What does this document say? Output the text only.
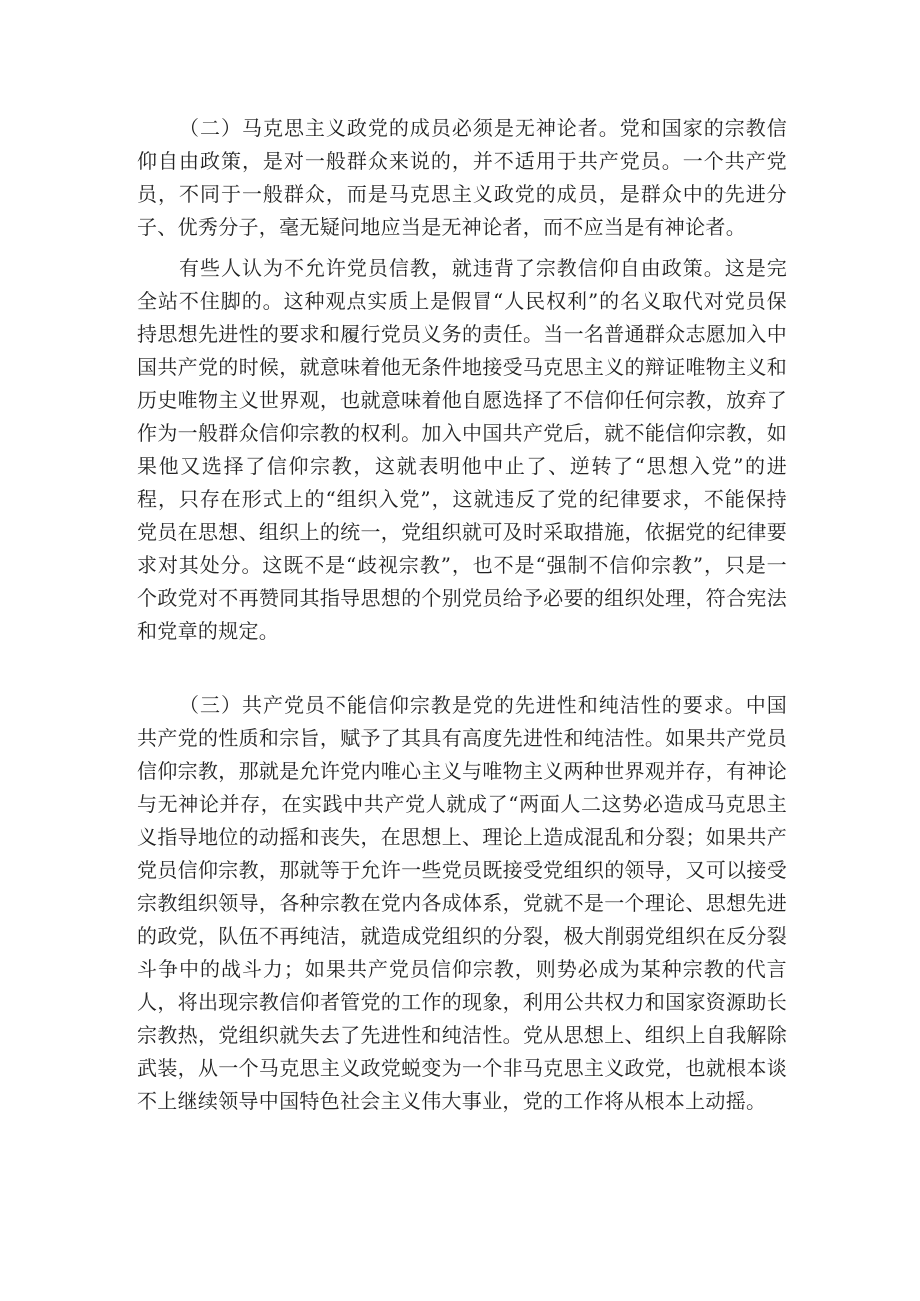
（二）马克思主义政党的成员必须是无神论者。党和国家的宗教信仰自由政策，是对一般群众来说的，并不适用于共产党员。一个共产党员，不同于一般群众，而是马克思主义政党的成员，是群众中的先进分子、优秀分子，毫无疑问地应当是无神论者，而不应当是有神论者。

有些人认为不允许党员信教，就违背了宗教信仰自由政策。这是完全站不住脚的。这种观点实质上是假冒“人民权利”的名义取代对党员保持思想先进性的要求和履行党员义务的责任。当一名普通群众志愿加入中国共产党的时候，就意味着他无条件地接受马克思主义的辩证唯物主义和历史唯物主义世界观，也就意味着他自愿选择了不信仰任何宗教，放弃了作为一般群众信仰宗教的权利。加入中国共产党后，就不能信仰宗教，如果他又选择了信仰宗教，这就表明他中止了、逆转了“思想入党”的进程，只存在形式上的“组织入党”，这就违反了党的纪律要求，不能保持党员在思想、组织上的统一，党组织就可及时采取措施，依据党的纪律要求对其处分。这既不是“歧视宗教”，也不是“强制不信仰宗教”，只是一个政党对不再赞同其指导思想的个别党员给予必要的组织处理，符合宪法和党章的规定。

（三）共产党员不能信仰宗教是党的先进性和纯洁性的要求。中国共产党的性质和宗旨，赋予了其具有高度先进性和纯洁性。如果共产党员信仰宗教，那就是允许党内唯心主义与唯物主义两种世界观并存，有神论与无神论并存，在实践中共产党人就成了“两面人二这势必造成马克思主义指导地位的动摇和丧失，在思想上、理论上造成混乱和分裂；如果共产党员信仰宗教，那就等于允许一些党员既接受党组织的领导，又可以接受宗教组织领导，各种宗教在党内各成体系，党就不是一个理论、思想先进的政党，队伍不再纯洁，就造成党组织的分裂，极大削弱党组织在反分裂斗争中的战斗力；如果共产党员信仰宗教，则势必成为某种宗教的代言人，将出现宗教信仰者管党的工作的现象，利用公共权力和国家资源助长宗教热，党组织就失去了先进性和纯洁性。党从思想上、组织上自我解除武装，从一个马克思主义政党蜕变为一个非马克思主义政党，也就根本谈不上继续领导中国特色社会主义伟大事业，党的工作将从根本上动摇。
